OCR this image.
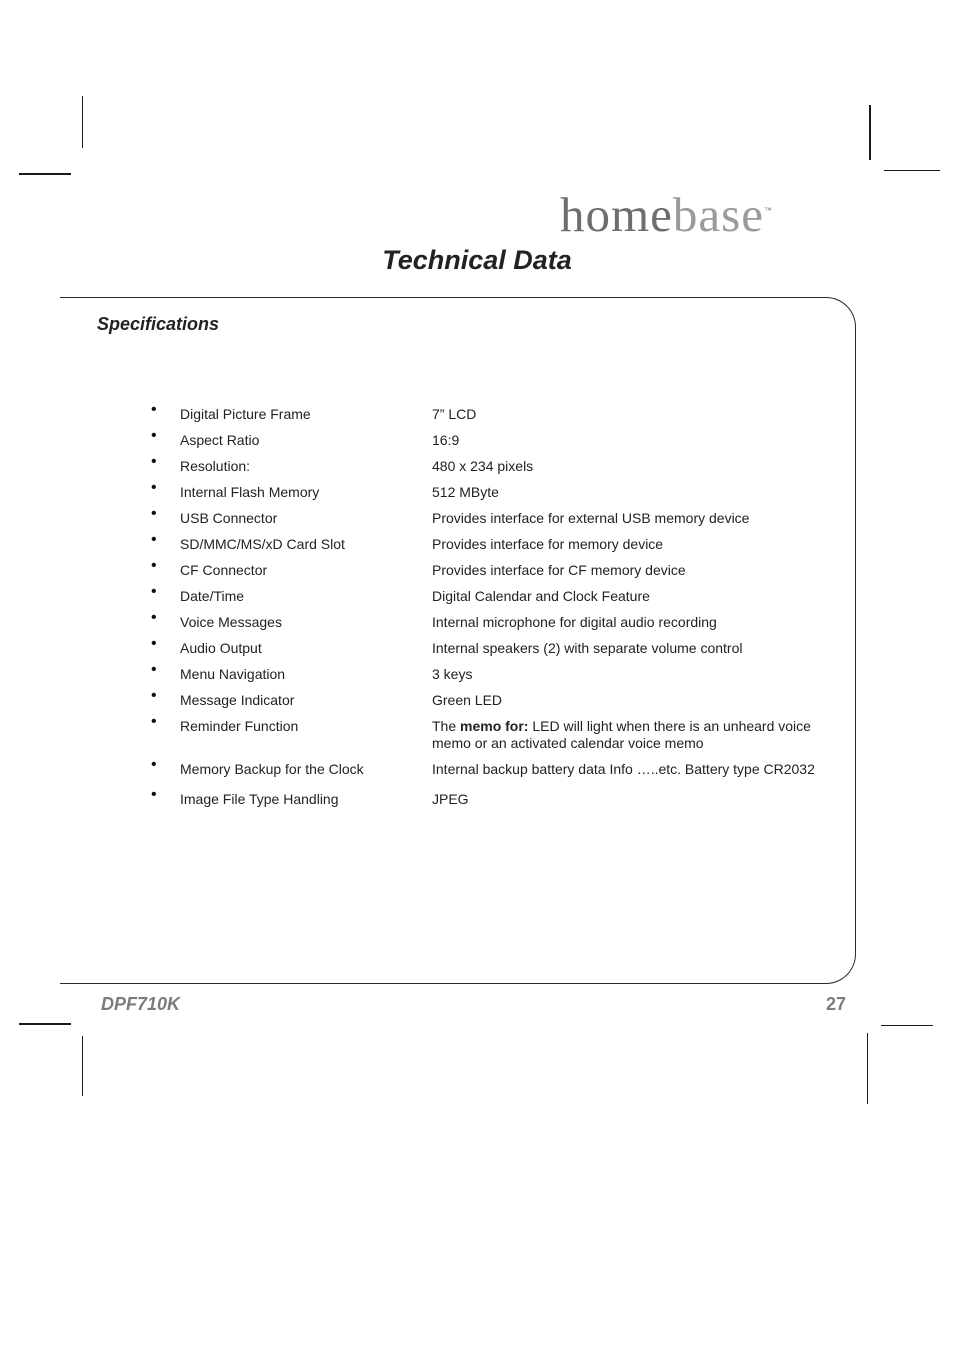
homebase™
Technical Data
Specifications
• Digital Picture Frame	7” LCD
• Aspect Ratio	16:9
• Resolution:	480 x 234 pixels
• Internal Flash Memory	512 MByte
• USB Connector	Provides interface for external USB memory device
• SD/MMC/MS/xD Card Slot	Provides interface for memory device
• CF Connector	Provides interface for CF memory device
• Date/Time	Digital Calendar and Clock Feature
• Voice Messages	Internal microphone for digital audio recording
• Audio Output	Internal speakers (2) with separate volume control
• Menu Navigation	3 keys
• Message Indicator	Green LED
• Reminder Function	The memo for: LED will light when there is an unheard voice memo or an activated calendar voice memo
• Memory Backup for the Clock	Internal backup battery data Info …..etc. Battery type CR2032
• Image File Type Handling	JPEG
DPF710K	27
